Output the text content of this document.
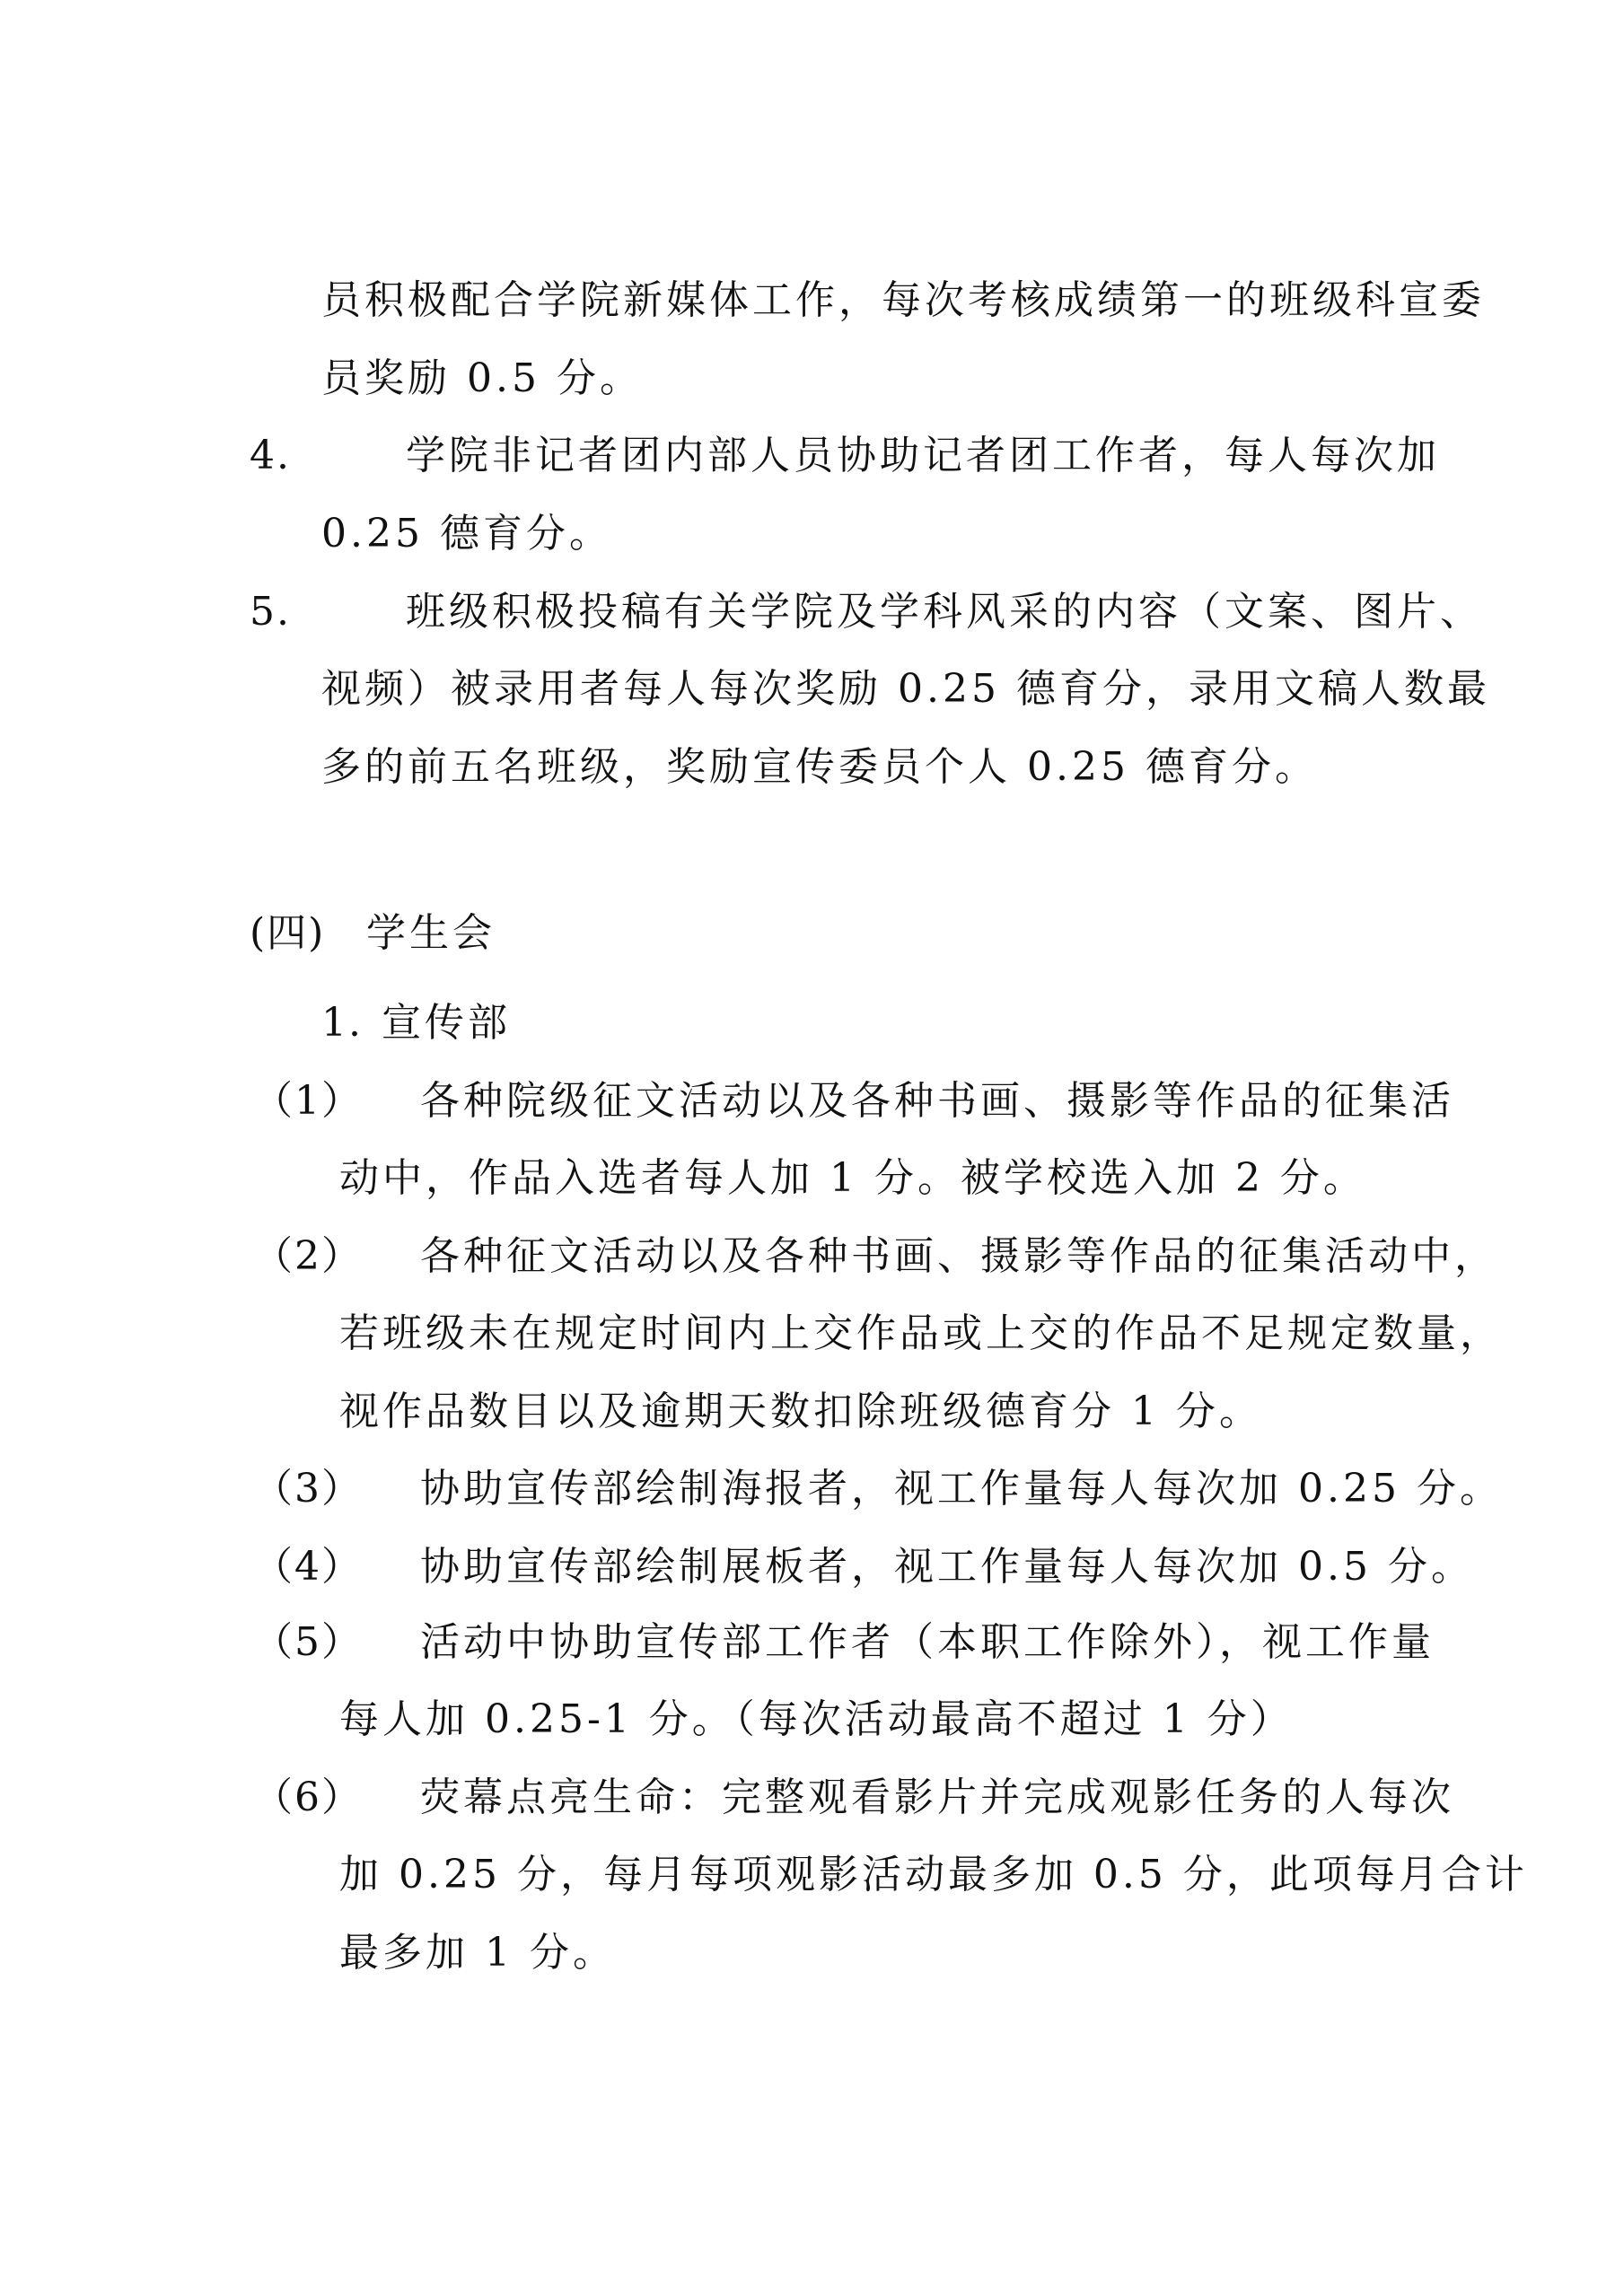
员积极配合学院新媒体工作，每次考核成绩第一的班级科宣委
员奖励 0.5 分。
4.	学院非记者团内部人员协助记者团工作者，每人每次加
0.25 德育分。
5.	班级积极投稿有关学院及学科风采的内容（文案、图片、
视频）被录用者每人每次奖励 0.25 德育分，录用文稿人数最
多的前五名班级，奖励宣传委员个人 0.25 德育分。
(四) 学生会
1. 宣传部
（1） 各种院级征文活动以及各种书画、摄影等作品的征集活
动中，作品入选者每人加 1 分。被学校选入加 2 分。
（2） 各种征文活动以及各种书画、摄影等作品的征集活动中，
若班级未在规定时间内上交作品或上交的作品不足规定数量，
视作品数目以及逾期天数扣除班级德育分 1 分。
（3） 协助宣传部绘制海报者，视工作量每人每次加 0.25 分。
（4） 协助宣传部绘制展板者，视工作量每人每次加 0.5 分。
（5） 活动中协助宣传部工作者（本职工作除外），视工作量
每人加 0.25-1 分。（每次活动最高不超过 1 分）
（6） 荧幕点亮生命：完整观看影片并完成观影任务的人每次
加 0.25 分，每月每项观影活动最多加 0.5 分，此项每月合计
最多加 1 分。
